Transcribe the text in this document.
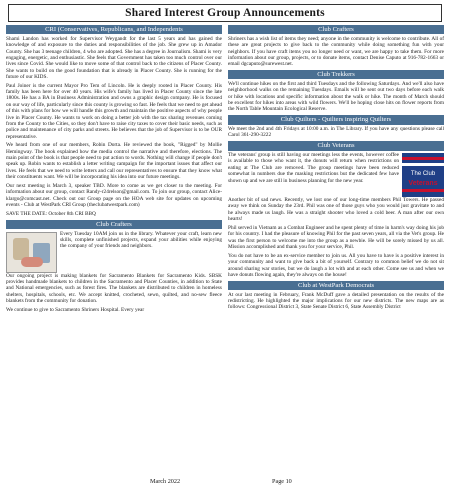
Shared Interest Group Announcements
CRI (Conservatives, Republicans, and Independents

Shami Landon has worked for Supervisor Weygandt for the last 5 years and has gained the knowledge of and exposure to the duties and responsibilities of the job. She grew up in Amador County. She has 3 teenage children, 4 who are adopted. She has a degree in Journalism. Shami is very engaging, energetic, and enthusiastic. She feels that Government has taken too much control over our lives since Covid. She would like to move some of that control back to the citizens of Placer County. She wants to build on the good foundation that is already in Placer County. She is running for the future of our KIDS.

Paul Joiner is the current Mayor Pro Tem of Lincoln. He is deeply rooted in Placer County. His family has been here for over 40 years. His wife's family has lived in Placer County since the late 1800s. He has a BA in Business Administration and owns a graphic design company. He is focused on our way of life, particularly since this county is growing so fast. He feels that we need to get ahead of this with plans for how we will handle this growth and maintain the positive aspects of why people live in Placer County. He wants to work on doing a better job with the tax sharing revenues coming from the County to the Cities, so they don't have to raise city taxes to cover their basic needs, such as police and maintenance of city parks and streets. He believes that the job of Supervisor is to be OUR representative.

We heard from one of our members, Robin Dorta. He reviewed the book, "Rigged" by Mollie Hemingway. The book explained how the media control the narrative and therefore, elections. The main point of the book is that people need to put action to words. Nothing will change if people don't speak up. Robin wants to establish a letter writing campaign for the important issues that affect our lives. He feels that we need to write letters and call our representatives to ensure that they know what their constituents want. We will be incorporating his idea into our future meetings.

Our next meeting is March 3, speaker TBD. More to come as we get closer to the meeting. For information about our group, contact Randy-r24relson@gmail.com. To join our group, contact Alice-klargo@comcast.net. Check out our Group page on the HOA web site for updates on upcoming events - Club at WestPark CRI Group (theclubatwestpark.com)

SAVE THE DATE: October 8th CRI BBQ

Club Crafters

Every Tuesday 10AM join us in the library. Whatever your craft, learn new skills, complete unfinished projects, expand your abilities while enjoying the company of your friends and neighbors.

Our ongoing project is making blankets for Sacramento Blankets for Sacramento Kids. SBSK provides handmade blankets to children in the Sacramento and Placer Counties, in addition to State and National emergencies, such as forest fires. The blankets are distributed to children in homeless shelters, hospitals, schools, etc. We accept knitted, crocheted, sewn, quilted, and no-sew fleece blankets from the community for donation.

We continue to give to Sacramento Shriners Hospital. Every year

Club Crafters

Shriners has a wish list of items they need; anyone in the community is welcome to contribute. All of these are great projects to give back to the community while doing something fun with your neighbors. If you have craft items you no longer need or want, we are happy to take them. For more information about our group, projects, or to donate items, contact Denise Caputo at 916-782-1663 or email dgcaputo@surewest.net.

Club Trekkers

We'll continue hikes on the first and third Tuesdays and the following Saturdays. And we'll also have neighborhood walks on the remaining Tuesdays. Emails will be sent out two days before each walk or hike with locations and specific information about the walk or hike. The month of March should be excellent for hikes into areas with wild flowers. We'll be hoping close hits on flower reports from the North Table Mountain Ecological Reserve.

Club Quilters - Quilters inspiring Quilters

We meet the 2nd and 4th Fridays at 10:00 a.m. in The Library. If you have any questions please call Carol 361-290-3222

Club Veterans

The veterans' group is still having our meetings less the events, however coffee is available to those who want it, the donuts will return when restrictions on eating at The Club are removed. The group meetings have been reduced somewhat in numbers due the masking restrictions but the dedicated few have shown up and we are still in business planning for the new year.

The Club
Veterans

Another bit of sad news. Recently, we lost one of our long-time members Phil Towers. He passed away we think on Sunday the 23rd. Phil was one of those guys who you would just gravitate to and he always made us laugh. He was a straight shooter who loved a cold beer. A man after our own hearts!

Phil served in Vietnam as a Combat Engineer and he spent plenty of time in harm's way doing his job for his country. I had the pleasure of knowing Phil for the past seven years, all via the Vet's group. He was the first person to welcome me into the group as a newbie. He will be sorely missed by us all. Mission accomplished and thank you for your service, Phil.

You do not have to be an ex-service member to join us. All you have to have is a positive interest in your community and want to give back a bit of yourself. Contrary to common belief we do not sit around sharing war stories, but we do laugh a lot with and at each other. Come see us and when we have donuts flowing again, they're always on the house!

Club at WestPark Democrats

At our last meeting in February, Frank McDuff gave a detailed presentation on the results of the redistricting. He highlighted the major implications for our new districts. The new maps are as follows: Congressional District 3, State Senate District 6, State Assembly District

March 2022	Page 10
